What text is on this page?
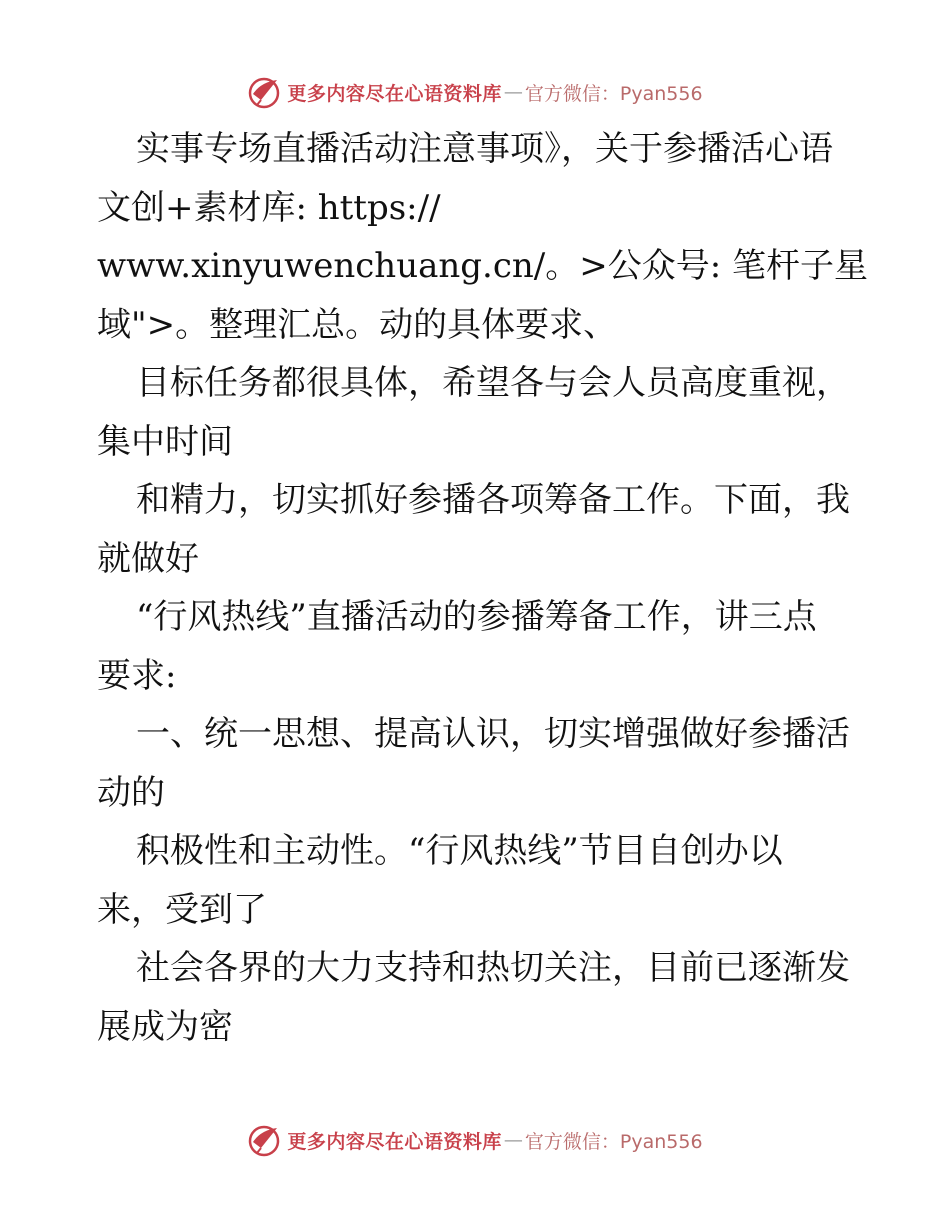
更多内容尽在心语资料库 — 官方微信：Pyan556
实事专场直播活动注意事项》，关于参播活心语
文创+素材库: https://
www.xinyuwenchuang.cn/。>公众号: 笔杆子星
域">。整理汇总。动的具体要求、
目标任务都很具体，希望各与会人员高度重视，
集中时间
和精力，切实抓好参播各项筹备工作。下面，我
就做好
“行风热线”直播活动的参播筹备工作，讲三点
要求:
一、统一思想、提高认识，切实增强做好参播活
动的
积极性和主动性。“行风热线”节目自创办以
来，受到了
社会各界的大力支持和热切关注，目前已逐渐发
展成为密
更多内容尽在心语资料库 — 官方微信：Pyan556
